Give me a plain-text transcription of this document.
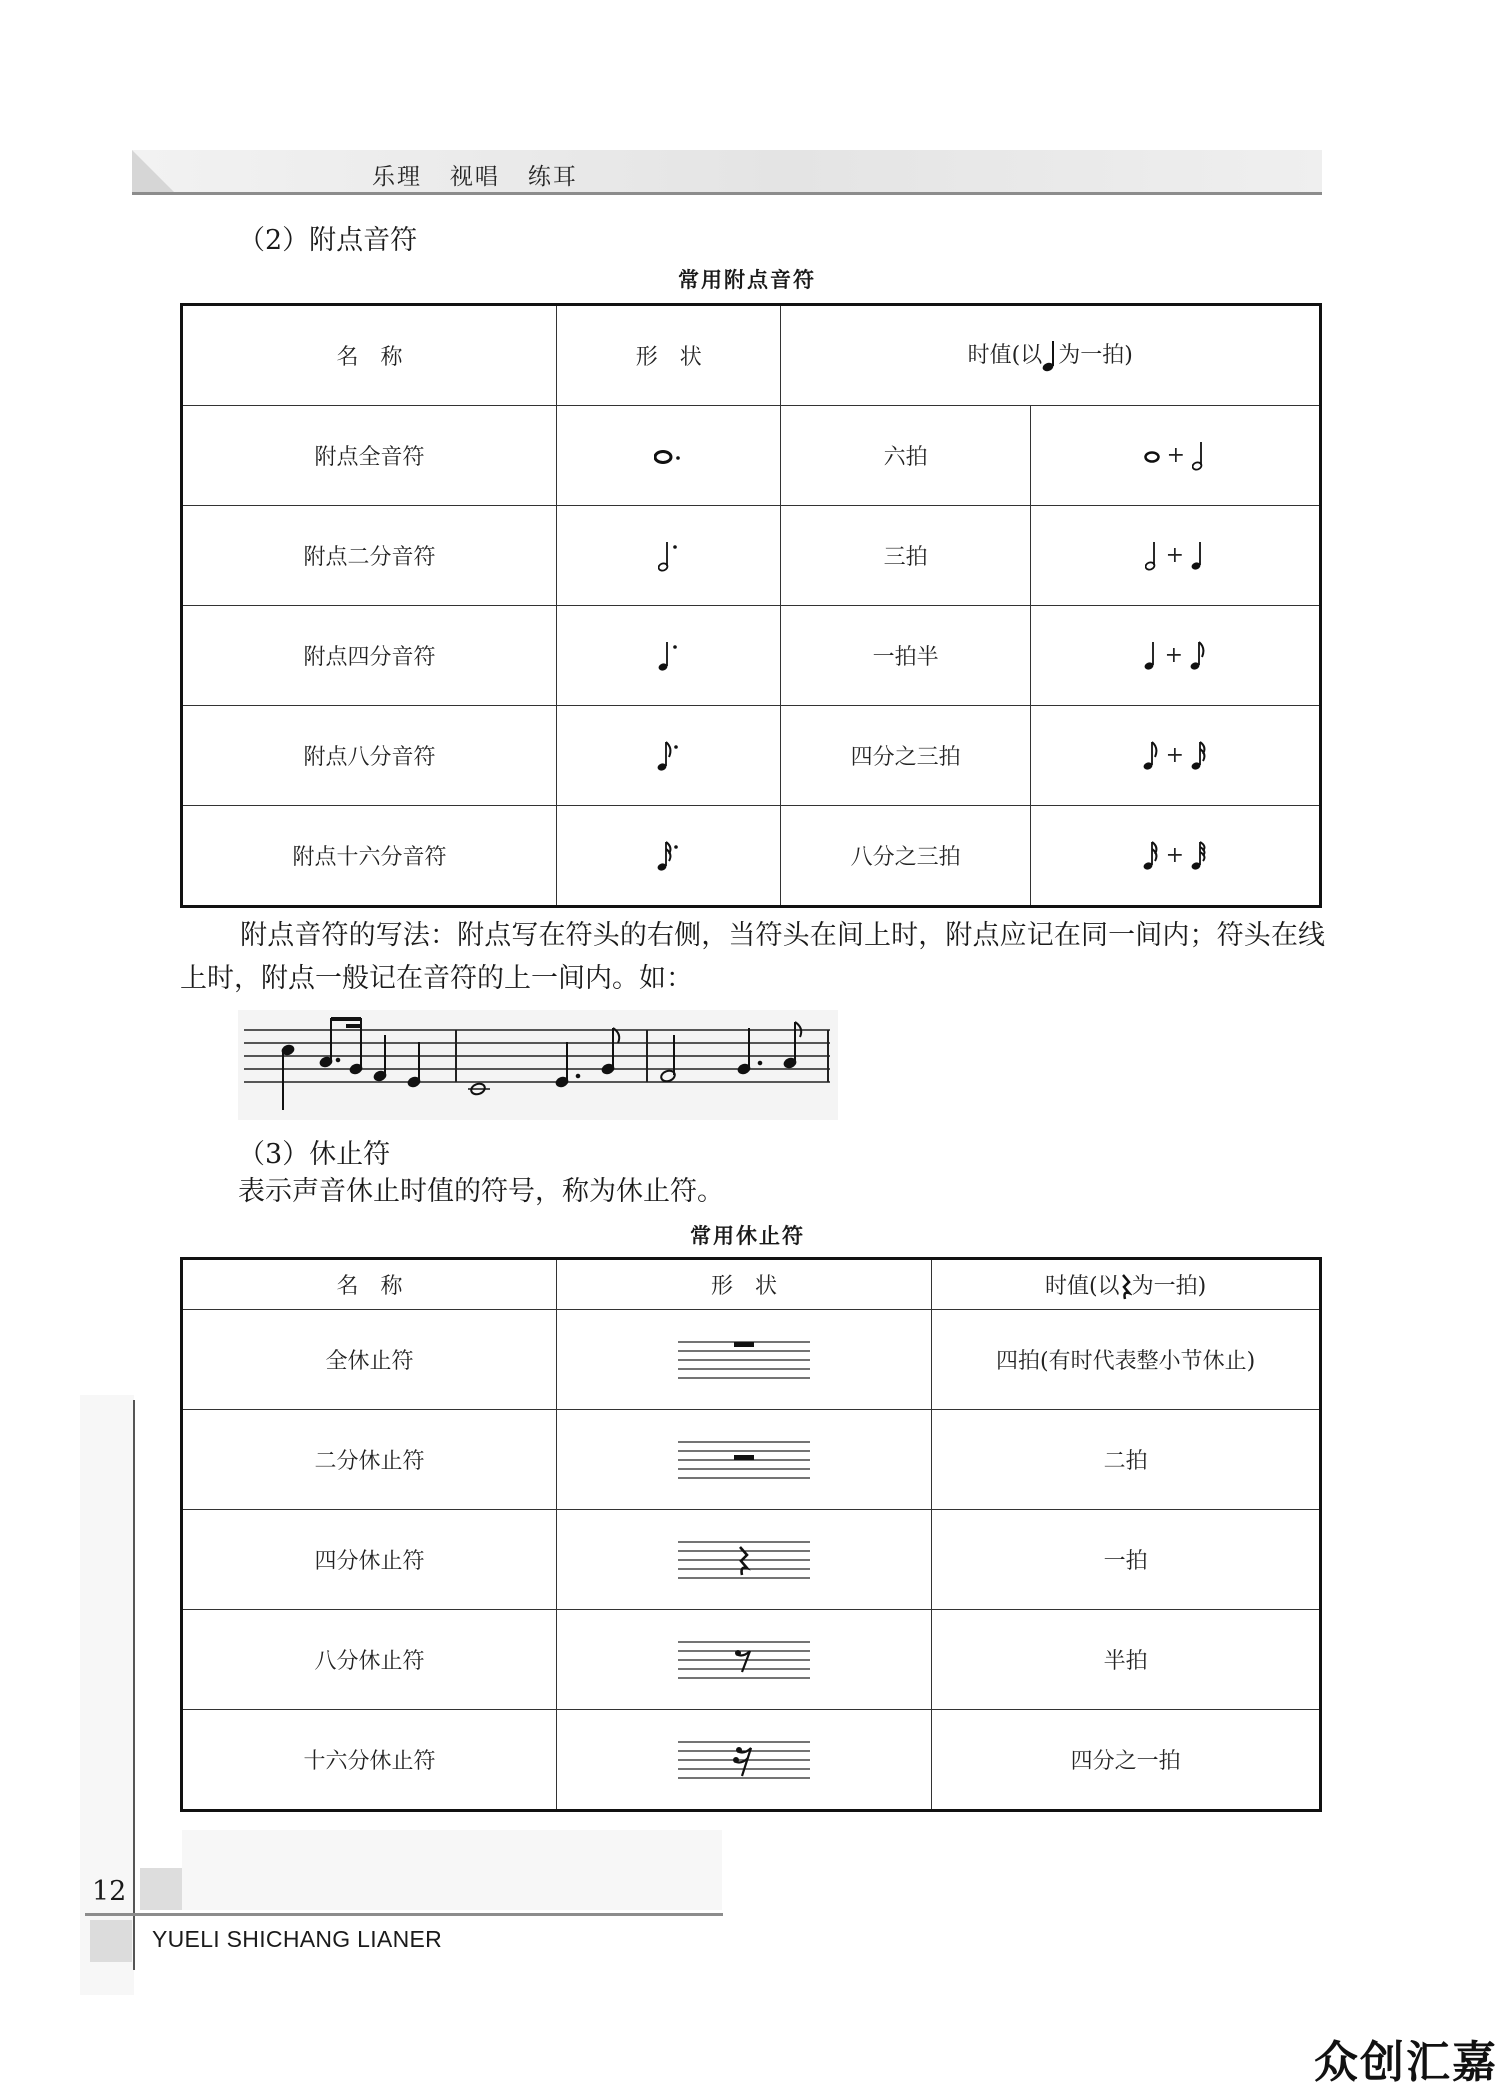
乐理   视唱   练耳
（2）附点音符
常用附点音符
名　称	形　状	时值(以 为一拍)	
附点全音符		六拍	+
附点二分音符		三拍	+
附点四分音符		一拍半	+
附点八分音符		四分之三拍	+
附点十六分音符		八分之三拍	+
附点音符的写法：附点写在符头的右侧，当符头在间上时，附点应记在同一间内；符头在线上时，附点一般记在音符的上一间内。如：
（3）休止符
表示声音休止时值的符号，称为休止符。
常用休止符
名　称	形　状	时值(以 为一拍)
全休止符		四拍(有时代表整小节休止)
二分休止符		二拍
四分休止符		一拍
八分休止符		半拍
十六分休止符		四分之一拍
12
YUELI SHICHANG LIANER
众创汇嘉
